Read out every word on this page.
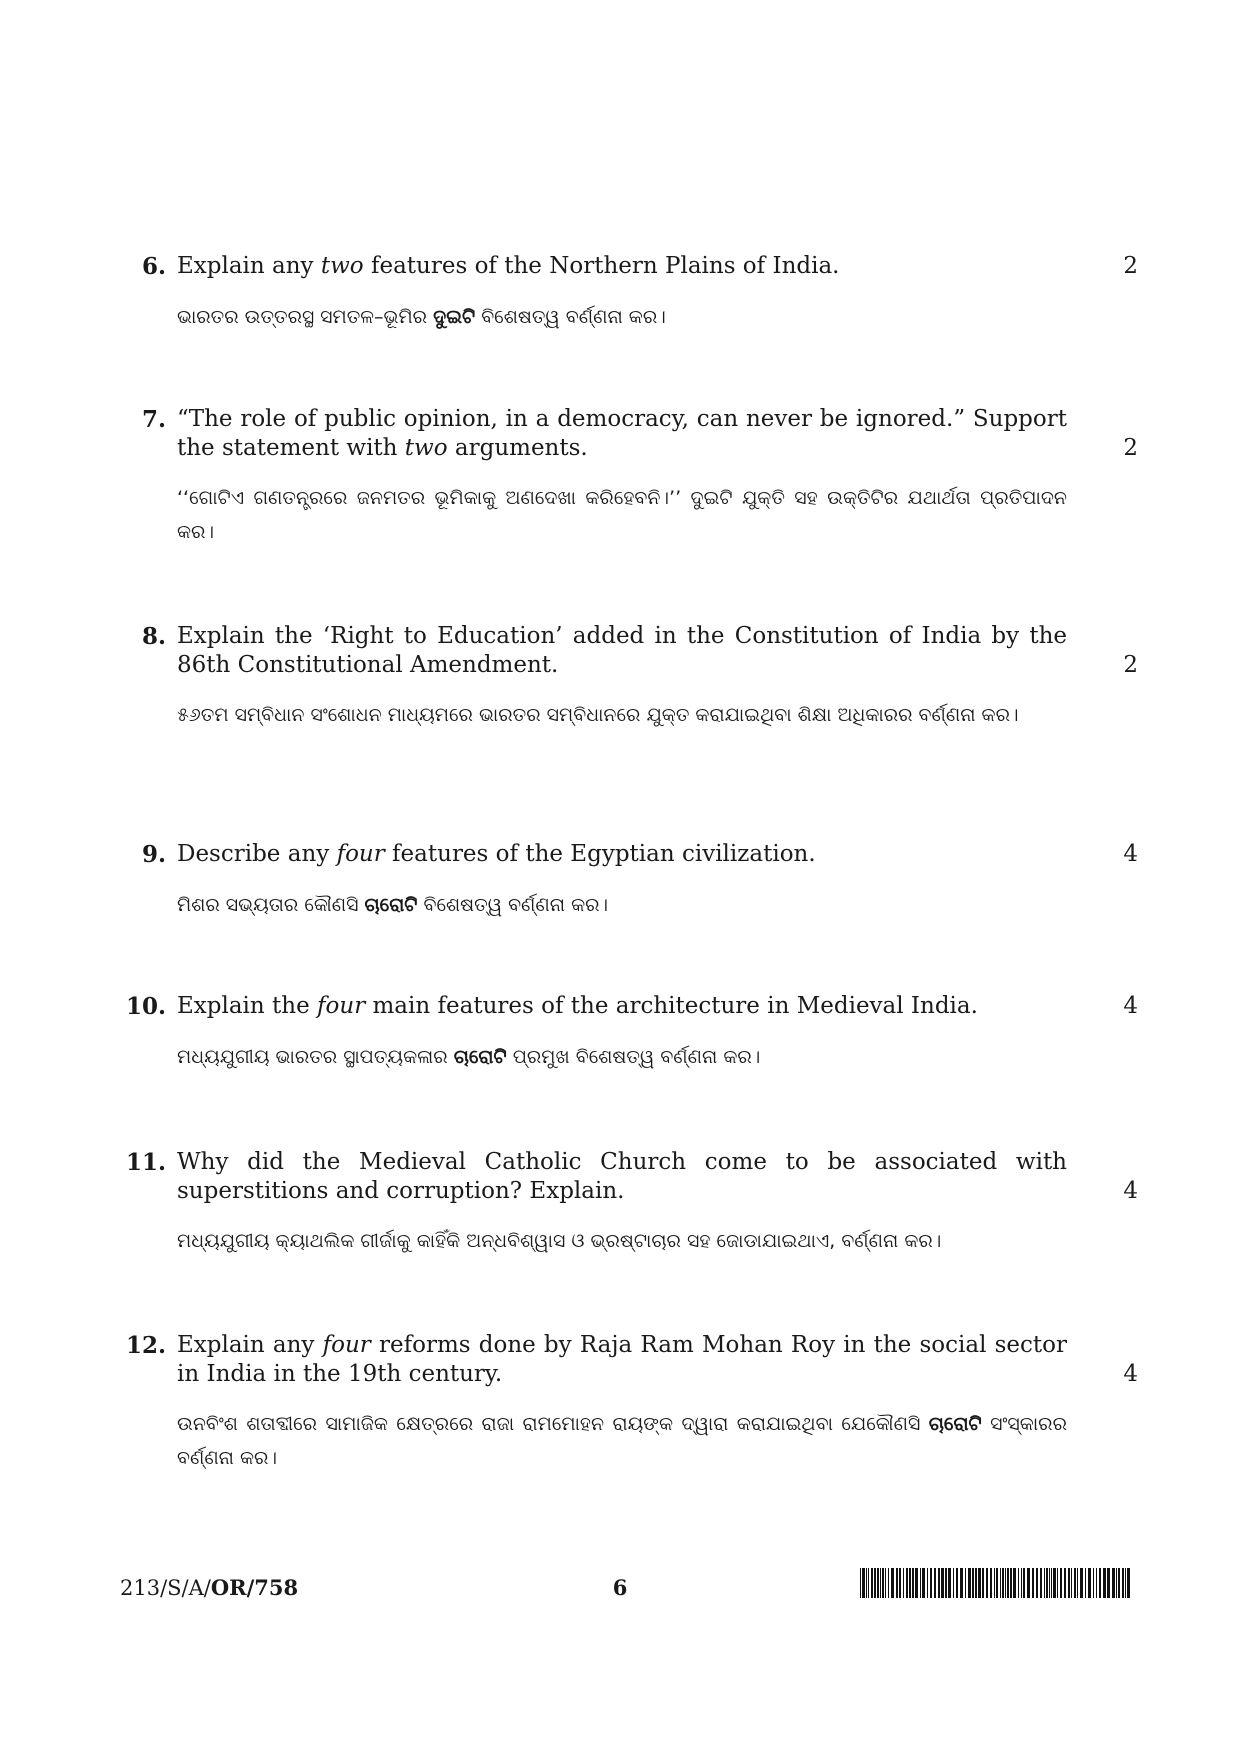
6. Explain any two features of the Northern Plains of India.	2
ଭାରତର ଉତ୍ତରସ୍ଥ ସମତଳ–ଭୂମିର ଦୁଇଟି ବିଶେଷତ୍ୱ ବର୍ଣ୍ଣନା କର।
7. “The role of public opinion, in a democracy, can never be ignored.” Support the statement with two arguments.	2
‘‘ଗୋଟିଏ ଗଣତନ୍ତ୍ରରେ ଜନମତର ଭୂମିକାକୁ ଅଣଦେଖା କରିହେବନି।’’ ଦୁଇଟି ଯୁକ୍ତି ସହ ଉକ୍ତିଟିର ଯଥାର୍ଥତା ପ୍ରତିପାଦନ କର।
8. Explain the ‘Right to Education’ added in the Constitution of India by the 86th Constitutional Amendment.	2
୫୬ତମ ସମ୍ବିଧାନ ସଂଶୋଧନ ମାଧ୍ୟମରେ ଭାରତର ସମ୍ବିଧାନରେ ଯୁକ୍ତ କରାଯାଇଥିବା ଶିକ୍ଷା ଅଧିକାରର ବର୍ଣ୍ଣନା କର।
9. Describe any four features of the Egyptian civilization.	4
ମିଶର ସଭ୍ୟତାର କୌଣସି ଚାରୋଟି ବିଶେଷତ୍ୱ ବର୍ଣ୍ଣନା କର।
10. Explain the four main features of the architecture in Medieval India.	4
ମଧ୍ୟଯୁଗୀୟ ଭାରତର ସ୍ଥାପତ୍ୟକଳାର ଚାରୋଟି ପ୍ରମୁଖ ବିଶେଷତ୍ୱ ବର୍ଣ୍ଣନା କର।
11. Why did the Medieval Catholic Church come to be associated with superstitions and corruption? Explain.	4
ମଧ୍ୟଯୁଗୀୟ କ୍ୟାଥଲିକ ଗୀର୍ଜାକୁ କାହିଁକି ଅନ୍ଧବିଶ୍ୱାସ ଓ ଭ୍ରଷ୍ଟାଚାର ସହ ଜୋଡାଯାଇଥାଏ, ବର୍ଣ୍ଣନା କର।
12. Explain any four reforms done by Raja Ram Mohan Roy in the social sector in India in the 19th century.	4
ଉନବିଂଶ ଶତାବ୍ଦୀରେ ସାମାଜିକ କ୍ଷେତ୍ରରେ ରାଜା ରାମମୋହନ ରାୟଙ୍କ ଦ୍ୱାରା କରାଯାଇଥିବା ଯେକୌଣସି ଚାରୋଟି ସଂସ୍କାରର ବର୍ଣ୍ଣନା କର।
213/S/A/OR/758	6
